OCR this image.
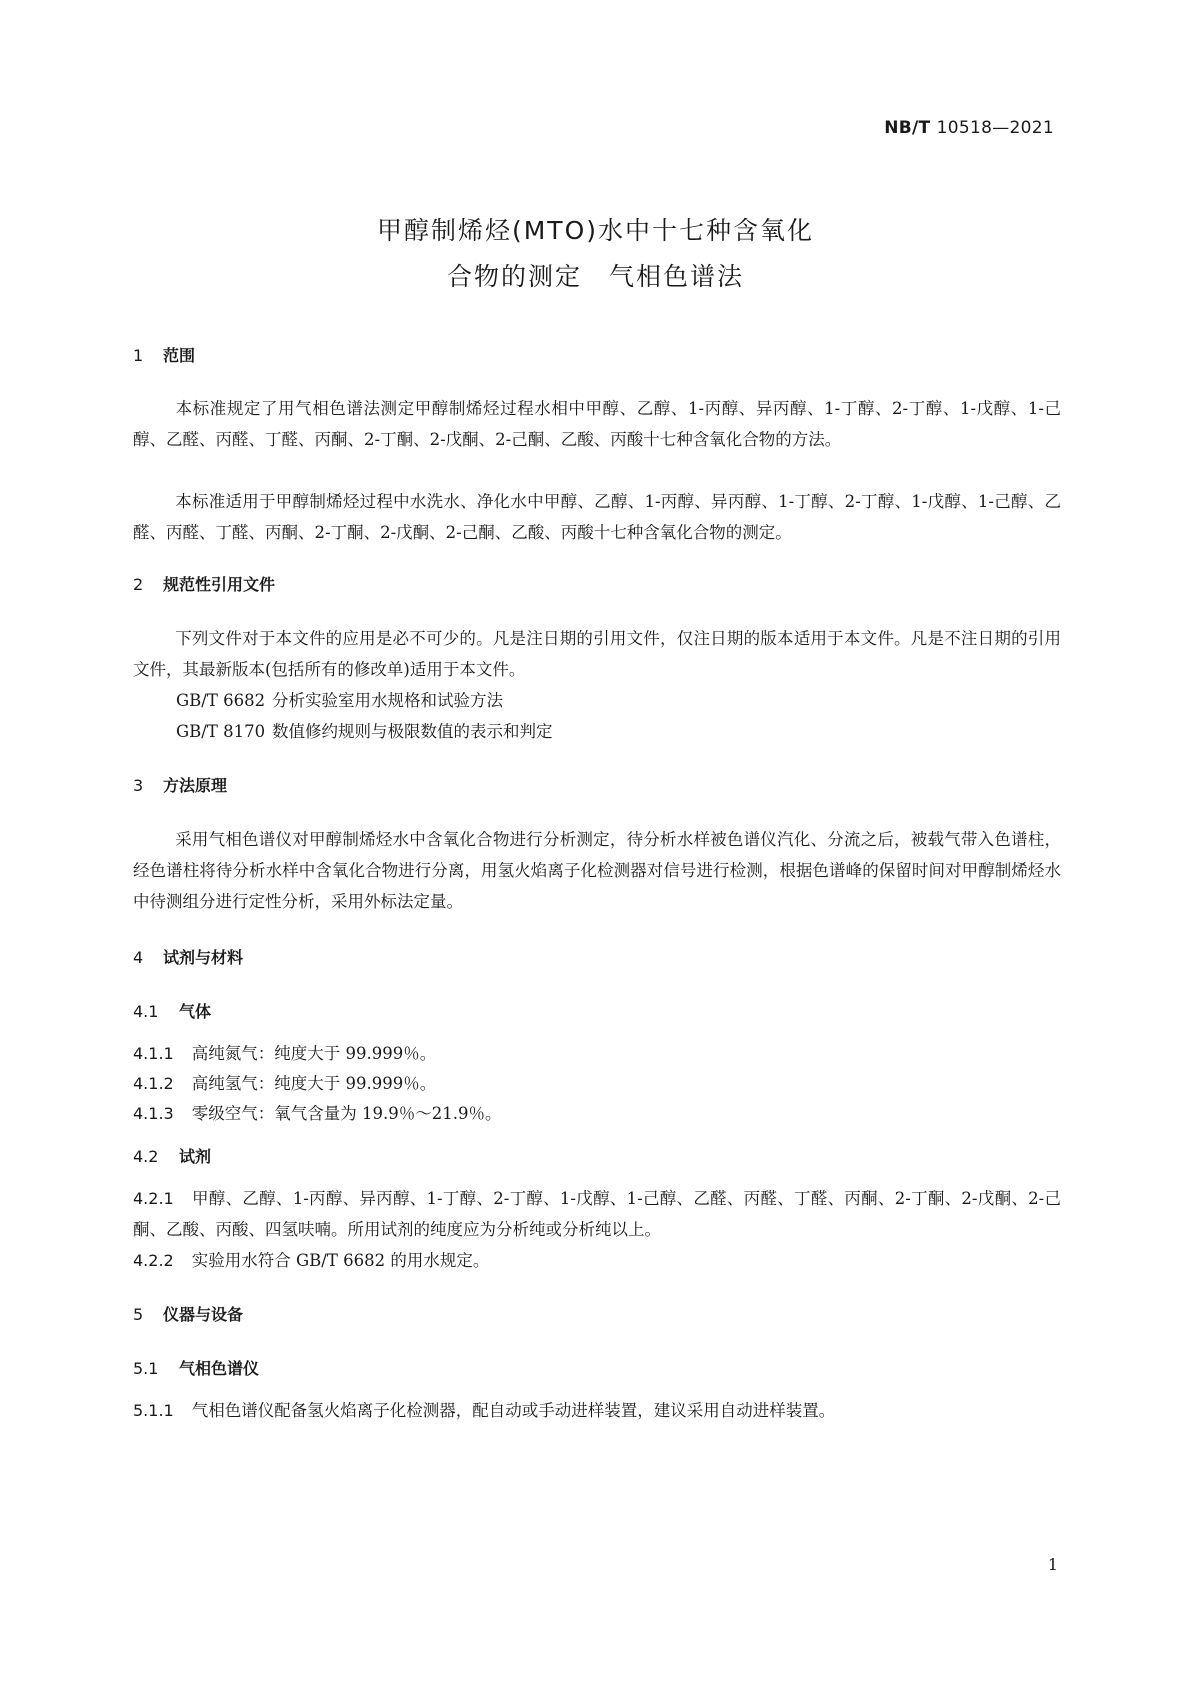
NB/T 10518—2021
甲醇制烯烃(MTO)水中十七种含氧化
合物的测定　气相色谱法
1 范围
本标准规定了用气相色谱法测定甲醇制烯烃过程水相中甲醇、乙醇、1-丙醇、异丙醇、1-丁醇、2-丁醇、1-戊醇、1-己醇、乙醛、丙醛、丁醛、丙酮、2-丁酮、2-戊酮、2-己酮、乙酸、丙酸十七种含氧化合物的方法。
本标准适用于甲醇制烯烃过程中水洗水、净化水中甲醇、乙醇、1-丙醇、异丙醇、1-丁醇、2-丁醇、1-戊醇、1-己醇、乙醛、丙醛、丁醛、丙酮、2-丁酮、2-戊酮、2-己酮、乙酸、丙酸十七种含氧化合物的测定。
2 规范性引用文件
下列文件对于本文件的应用是必不可少的。凡是注日期的引用文件，仅注日期的版本适用于本文件。凡是不注日期的引用文件，其最新版本(包括所有的修改单)适用于本文件。
GB/T 6682 分析实验室用水规格和试验方法
GB/T 8170 数值修约规则与极限数值的表示和判定
3 方法原理
采用气相色谱仪对甲醇制烯烃水中含氧化合物进行分析测定，待分析水样被色谱仪汽化、分流之后，被载气带入色谱柱，经色谱柱将待分析水样中含氧化合物进行分离，用氢火焰离子化检测器对信号进行检测，根据色谱峰的保留时间对甲醇制烯烃水中待测组分进行定性分析，采用外标法定量。
4 试剂与材料
4.1 气体
4.1.1 高纯氮气：纯度大于 99.999％。
4.1.2 高纯氢气：纯度大于 99.999％。
4.1.3 零级空气：氧气含量为 19.9％～21.9％。
4.2 试剂
4.2.1 甲醇、乙醇、1-丙醇、异丙醇、1-丁醇、2-丁醇、1-戊醇、1-己醇、乙醛、丙醛、丁醛、丙酮、2-丁酮、2-戊酮、2-己酮、乙酸、丙酸、四氢呋喃。所用试剂的纯度应为分析纯或分析纯以上。
4.2.2 实验用水符合 GB/T 6682 的用水规定。
5 仪器与设备
5.1 气相色谱仪
5.1.1 气相色谱仪配备氢火焰离子化检测器，配自动或手动进样装置，建议采用自动进样装置。
1
